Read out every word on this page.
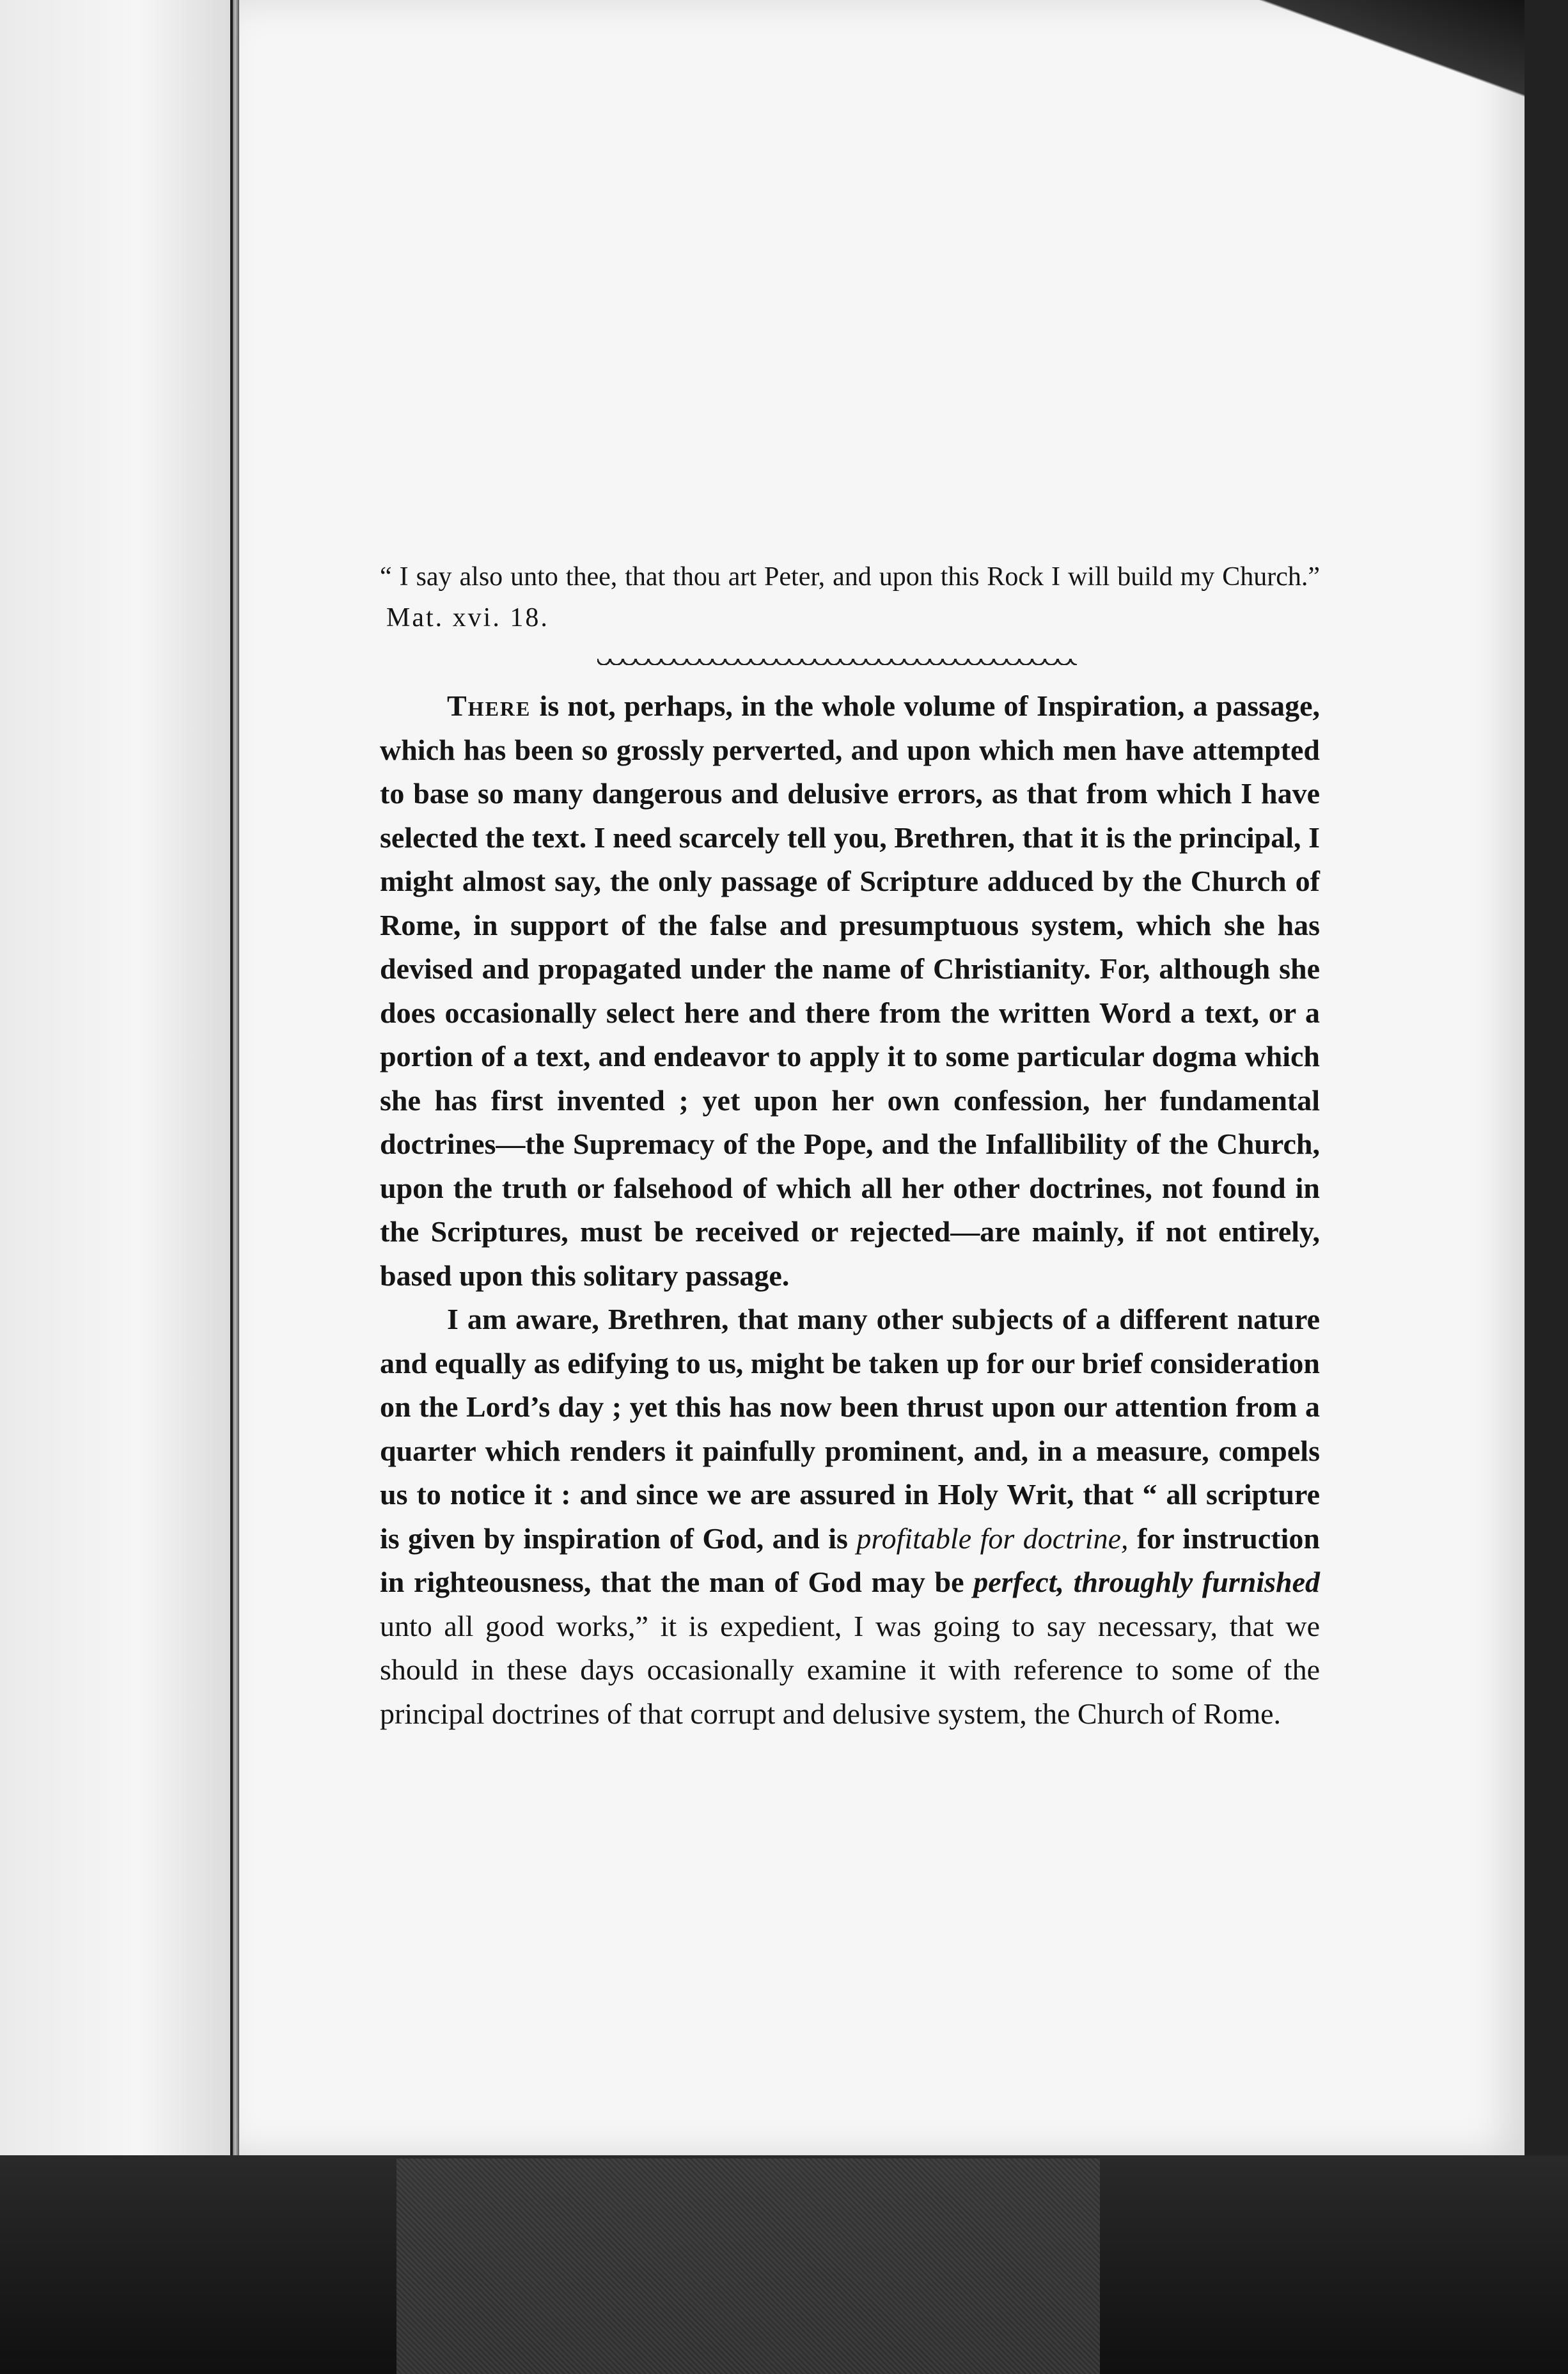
“ I say also unto thee, that thou art Peter, and upon this Rock I will build my Church.” Mat. xvi. 18.

There is not, perhaps, in the whole volume of Inspiration, a passage, which has been so grossly perverted, and upon which men have attempted to base so many dangerous and delusive errors, as that from which I have selected the text. I need scarcely tell you, Brethren, that it is the principal, I might almost say, the only passage of Scripture adduced by the Church of Rome, in support of the false and presumptuous system, which she has devised and propagated under the name of Christianity. For, although she does occasionally select here and there from the written Word a text, or a portion of a text, and endeavor to apply it to some particular dogma which she has first invented ; yet upon her own confession, her fundamental doctrines—the Supremacy of the Pope, and the Infallibility of the Church, upon the truth or falsehood of which all her other doctrines, not found in the Scriptures, must be received or rejected—are mainly, if not entirely, based upon this solitary passage.

I am aware, Brethren, that many other subjects of a different nature and equally as edifying to us, might be taken up for our brief consideration on the Lord’s day ; yet this has now been thrust upon our attention from a quarter which renders it painfully prominent, and, in a measure, compels us to notice it : and since we are assured in Holy Writ, that “ all scripture is given by inspiration of God, and is profitable for doctrine, for instruction in righteousness, that the man of God may be perfect, throughly furnished unto all good works,” it is expedient, I was going to say necessary, that we should in these days occasionally examine it with reference to some of the principal doctrines of that corrupt and delusive system, the Church of Rome.
